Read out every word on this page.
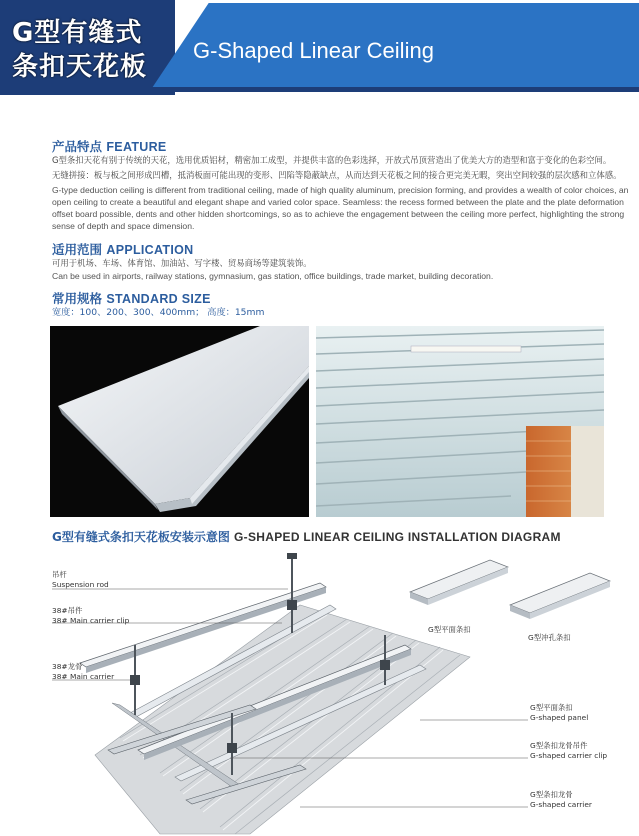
G型有缝式
条扣天花板
G-Shaped Linear Ceiling
产品特点 FEATURE
G型条扣天花有别于传统的天花，选用优质铝材，精密加工成型，并提供丰富的色彩选择，开放式吊顶营造出了优美大方的造型和富于变化的色彩空间。
无缝拼接：板与板之间形成凹槽，抵消板面可能出现的变形、凹陷等隐蔽缺点，从而达到天花板之间的接合更完美无暇，突出空间较强的层次感和立体感。
G-type deduction ceiling is different from traditional ceiling, made of high quality aluminum, precision forming, and provides a wealth of color choices, an open ceiling to create a beautiful and elegant shape and varied color space. Seamless: the recess formed between the plate and the plate deformation offset board possible, dents and other hidden shortcomings, so as to achieve the engagement between the ceiling more perfect, highlighting the strong sense of depth and space dimension.
适用范围 APPLICATION
可用于机场、车场、体育馆、加油站、写字楼、贸易商场等建筑装饰。
Can be used in airports, railway stations, gymnasium, gas station, office buildings, trade market, building decoration.
常用规格 STANDARD SIZE
宽度：100、200、300、400mm； 高度：15mm
G型有缝式条扣天花板安装示意图 G-SHAPED LINEAR CEILING INSTALLATION DIAGRAM
吊杆
Suspension rod
38#吊件
38# Main carrier clip
38#龙骨
38# Main carrier
G型平面条扣
G型冲孔条扣
G型平面条扣
G-shaped panel
G型条扣龙骨吊件
G-shaped carrier clip
G型条扣龙骨
G-shaped carrier
